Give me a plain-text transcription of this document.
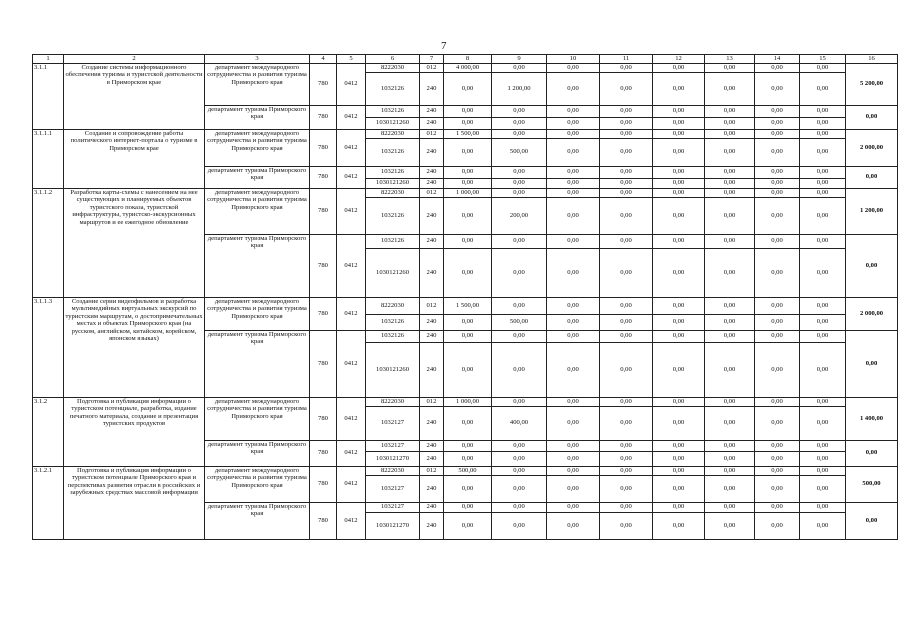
7
1	2	3	4	5	6	7	8	9	10	11	12	13	14	15	16
3.1.1	Создание системы информационного обеспечения туризма и туристской деятельности в Приморском крае	департамент международного сотрудничества и развития туризма Приморского края	780	0412	8222030	012	4 000,00	0,00	0,00	0,00	0,00	0,00	0,00	0,00	5 200,00
					1032126	240	0,00	1 200,00	0,00	0,00	0,00	0,00	0,00	0,00	
		департамент туризма Приморского края	780	0412	1032126	240	0,00	0,00	0,00	0,00	0,00	0,00	0,00	0,00	0,00
					1030121260	240	0,00	0,00	0,00	0,00	0,00	0,00	0,00	0,00	
3.1.1.1	Создание и сопровождение работы политического интернет-портала о туризме в Приморском крае	департамент международного сотрудничества и развития туризма Приморского края	780	0412	8222030	012	1 500,00	0,00	0,00	0,00	0,00	0,00	0,00	0,00	2 000,00
					1032126	240	0,00	500,00	0,00	0,00	0,00	0,00	0,00	0,00	
		департамент туризма Приморского края	780	0412	1032126	240	0,00	0,00	0,00	0,00	0,00	0,00	0,00	0,00	0,00
					1030121260	240	0,00	0,00	0,00	0,00	0,00	0,00	0,00	0,00	
3.1.1.2	Разработка карты-схемы с нанесением на нее существующих и планируемых объектов туристского показа, туристской инфраструктуры, туристско-экскурсионных маршрутов и ее ежегодное обновление	департамент международного сотрудничества и развития туризма Приморского края	780	0412	8222030	012	1 000,00	0,00	0,00	0,00	0,00	0,00	0,00	0,00	1 200,00
					1032126	240	0,00	200,00	0,00	0,00	0,00	0,00	0,00	0,00	
		департамент туризма Приморского края	780	0412	1032126	240	0,00	0,00	0,00	0,00	0,00	0,00	0,00	0,00	0,00
					1030121260	240	0,00	0,00	0,00	0,00	0,00	0,00	0,00	0,00	
3.1.1.3	Создание серии видеофильмов и разработка мультимедийных виртуальных экскурсий по туристским маршрутам, о достопримечательных местах и объектах Приморского края (на русском, английском, китайском, корейском, японском языках)	департамент международного сотрудничества и развития туризма Приморского края	780	0412	8222030	012	1 500,00	0,00	0,00	0,00	0,00	0,00	0,00	0,00	2 000,00
					1032126	240	0,00	500,00	0,00	0,00	0,00	0,00	0,00	0,00	
		департамент туризма Приморского края	780	0412	1032126	240	0,00	0,00	0,00	0,00	0,00	0,00	0,00	0,00	0,00
					1030121260	240	0,00	0,00	0,00	0,00	0,00	0,00	0,00	0,00	
3.1.2	Подготовка и публикация информации о туристском потенциале, разработка, издание печатного материала, создание и презентация туристских продуктов	департамент международного сотрудничества и развития туризма Приморского края	780	0412	8222030	012	1 000,00	0,00	0,00	0,00	0,00	0,00	0,00	0,00	1 400,00
					1032127	240	0,00	400,00	0,00	0,00	0,00	0,00	0,00	0,00	
		департамент туризма Приморского края	780	0412	1032127	240	0,00	0,00	0,00	0,00	0,00	0,00	0,00	0,00	0,00
					1030121270	240	0,00	0,00	0,00	0,00	0,00	0,00	0,00	0,00	
3.1.2.1	Подготовка и публикация информации о туристском потенциале Приморского края и перспективах развития отрасли в российских и зарубежных средствах массовой информации	департамент международного сотрудничества и развития туризма Приморского края	780	0412	8222030	012	500,00	0,00	0,00	0,00	0,00	0,00	0,00	0,00	500,00
					1032127	240	0,00	0,00	0,00	0,00	0,00	0,00	0,00	0,00	
		департамент туризма Приморского края	780	0412	1032127	240	0,00	0,00	0,00	0,00	0,00	0,00	0,00	0,00	0,00
					1030121270	240	0,00	0,00	0,00	0,00	0,00	0,00	0,00	0,00	
